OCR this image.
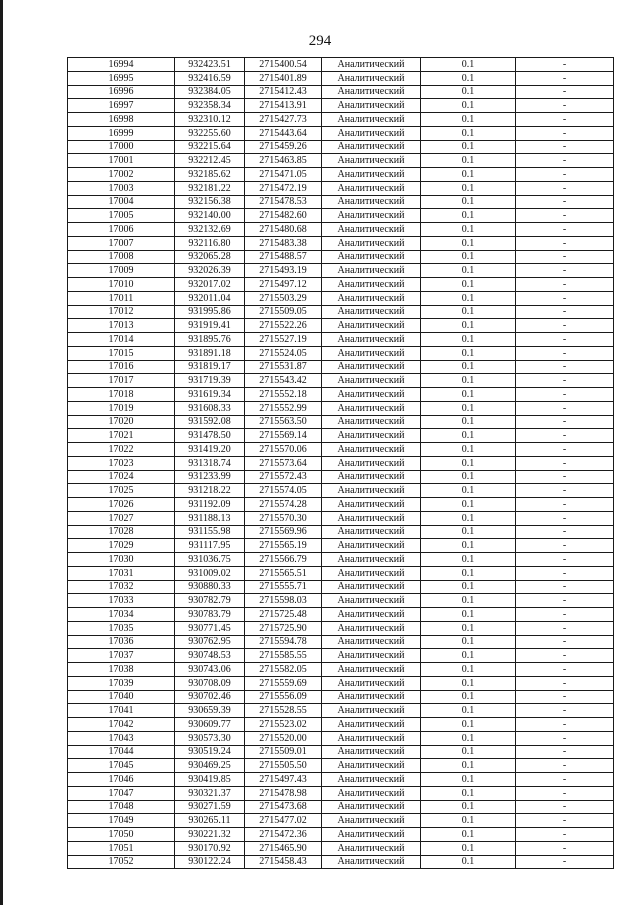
294
16994	932423.51	2715400.54	Аналитический	0.1	-
16995	932416.59	2715401.89	Аналитический	0.1	-
16996	932384.05	2715412.43	Аналитический	0.1	-
16997	932358.34	2715413.91	Аналитический	0.1	-
16998	932310.12	2715427.73	Аналитический	0.1	-
16999	932255.60	2715443.64	Аналитический	0.1	-
17000	932215.64	2715459.26	Аналитический	0.1	-
17001	932212.45	2715463.85	Аналитический	0.1	-
17002	932185.62	2715471.05	Аналитический	0.1	-
17003	932181.22	2715472.19	Аналитический	0.1	-
17004	932156.38	2715478.53	Аналитический	0.1	-
17005	932140.00	2715482.60	Аналитический	0.1	-
17006	932132.69	2715480.68	Аналитический	0.1	-
17007	932116.80	2715483.38	Аналитический	0.1	-
17008	932065.28	2715488.57	Аналитический	0.1	-
17009	932026.39	2715493.19	Аналитический	0.1	-
17010	932017.02	2715497.12	Аналитический	0.1	-
17011	932011.04	2715503.29	Аналитический	0.1	-
17012	931995.86	2715509.05	Аналитический	0.1	-
17013	931919.41	2715522.26	Аналитический	0.1	-
17014	931895.76	2715527.19	Аналитический	0.1	-
17015	931891.18	2715524.05	Аналитический	0.1	-
17016	931819.17	2715531.87	Аналитический	0.1	-
17017	931719.39	2715543.42	Аналитический	0.1	-
17018	931619.34	2715552.18	Аналитический	0.1	-
17019	931608.33	2715552.99	Аналитический	0.1	-
17020	931592.08	2715563.50	Аналитический	0.1	-
17021	931478.50	2715569.14	Аналитический	0.1	-
17022	931419.20	2715570.06	Аналитический	0.1	-
17023	931318.74	2715573.64	Аналитический	0.1	-
17024	931233.99	2715572.43	Аналитический	0.1	-
17025	931218.22	2715574.05	Аналитический	0.1	-
17026	931192.09	2715574.28	Аналитический	0.1	-
17027	931188.13	2715570.30	Аналитический	0.1	-
17028	931155.98	2715569.96	Аналитический	0.1	-
17029	931117.95	2715565.19	Аналитический	0.1	-
17030	931036.75	2715566.79	Аналитический	0.1	-
17031	931009.02	2715565.51	Аналитический	0.1	-
17032	930880.33	2715555.71	Аналитический	0.1	-
17033	930782.79	2715598.03	Аналитический	0.1	-
17034	930783.79	2715725.48	Аналитический	0.1	-
17035	930771.45	2715725.90	Аналитический	0.1	-
17036	930762.95	2715594.78	Аналитический	0.1	-
17037	930748.53	2715585.55	Аналитический	0.1	-
17038	930743.06	2715582.05	Аналитический	0.1	-
17039	930708.09	2715559.69	Аналитический	0.1	-
17040	930702.46	2715556.09	Аналитический	0.1	-
17041	930659.39	2715528.55	Аналитический	0.1	-
17042	930609.77	2715523.02	Аналитический	0.1	-
17043	930573.30	2715520.00	Аналитический	0.1	-
17044	930519.24	2715509.01	Аналитический	0.1	-
17045	930469.25	2715505.50	Аналитический	0.1	-
17046	930419.85	2715497.43	Аналитический	0.1	-
17047	930321.37	2715478.98	Аналитический	0.1	-
17048	930271.59	2715473.68	Аналитический	0.1	-
17049	930265.11	2715477.02	Аналитический	0.1	-
17050	930221.32	2715472.36	Аналитический	0.1	-
17051	930170.92	2715465.90	Аналитический	0.1	-
17052	930122.24	2715458.43	Аналитический	0.1	-
